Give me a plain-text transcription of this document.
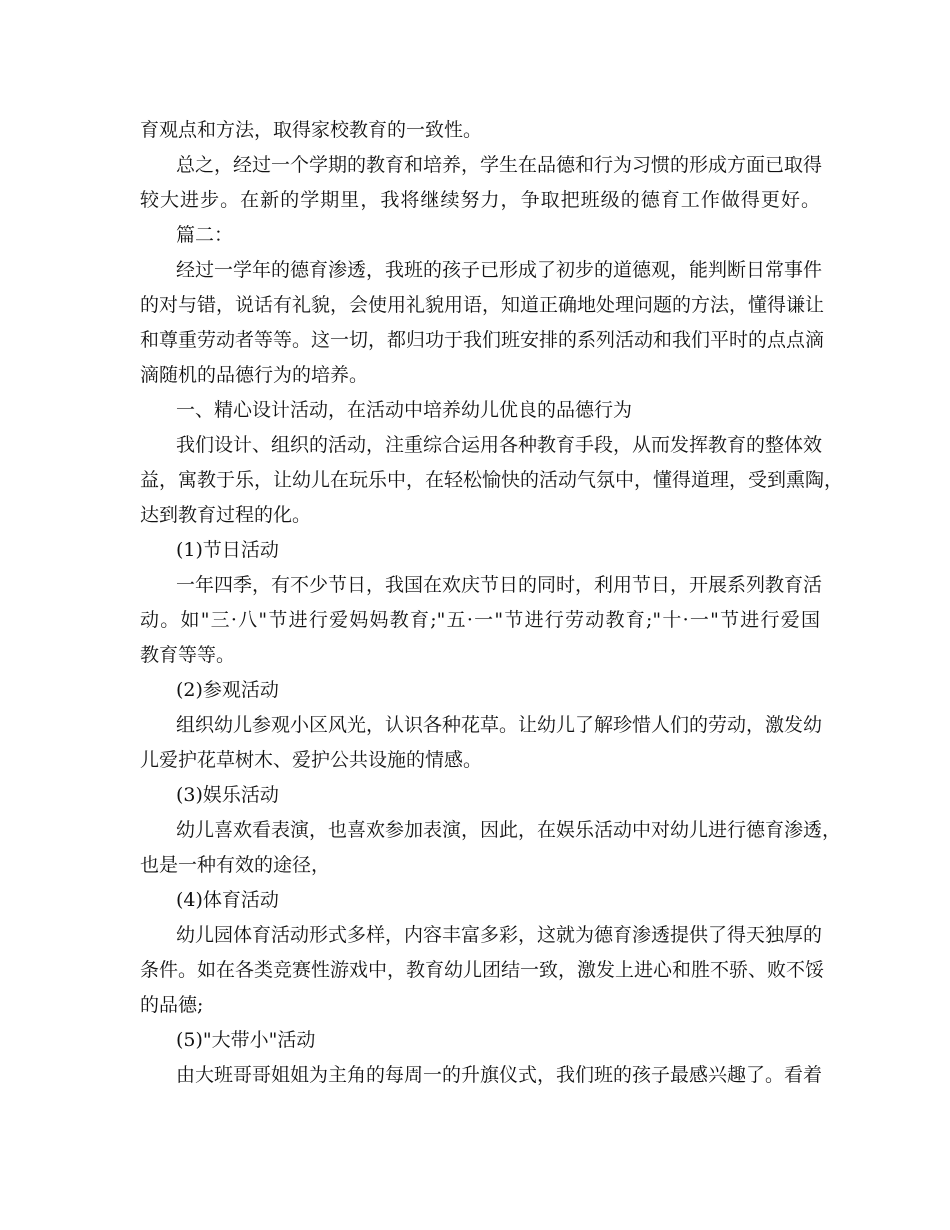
育观点和方法，取得家校教育的一致性。
总之，经过一个学期的教育和培养，学生在品德和行为习惯的形成方面已取得
较大进步。在新的学期里，我将继续努力，争取把班级的德育工作做得更好。
篇二：
经过一学年的德育渗透，我班的孩子已形成了初步的道德观，能判断日常事件
的对与错，说话有礼貌，会使用礼貌用语，知道正确地处理问题的方法，懂得谦让
和尊重劳动者等等。这一切，都归功于我们班安排的系列活动和我们平时的点点滴
滴随机的品德行为的培养。
一、精心设计活动，在活动中培养幼儿优良的品德行为
我们设计、组织的活动，注重综合运用各种教育手段，从而发挥教育的整体效
益，寓教于乐，让幼儿在玩乐中，在轻松愉快的活动气氛中，懂得道理，受到熏陶，
达到教育过程的化。
(1)节日活动
一年四季，有不少节日，我国在欢庆节日的同时，利用节日，开展系列教育活
动。如"三·八"节进行爱妈妈教育;"五·一"节进行劳动教育;"十·一"节进行爱国
教育等等。
(2)参观活动
组织幼儿参观小区风光，认识各种花草。让幼儿了解珍惜人们的劳动，激发幼
儿爱护花草树木、爱护公共设施的情感。
(3)娱乐活动
幼儿喜欢看表演，也喜欢参加表演，因此，在娱乐活动中对幼儿进行德育渗透，
也是一种有效的途径，
(4)体育活动
幼儿园体育活动形式多样，内容丰富多彩，这就为德育渗透提供了得天独厚的
条件。如在各类竞赛性游戏中，教育幼儿团结一致，激发上进心和胜不骄、败不馁
的品德;
(5)"大带小"活动
由大班哥哥姐姐为主角的每周一的升旗仪式，我们班的孩子最感兴趣了。看着
